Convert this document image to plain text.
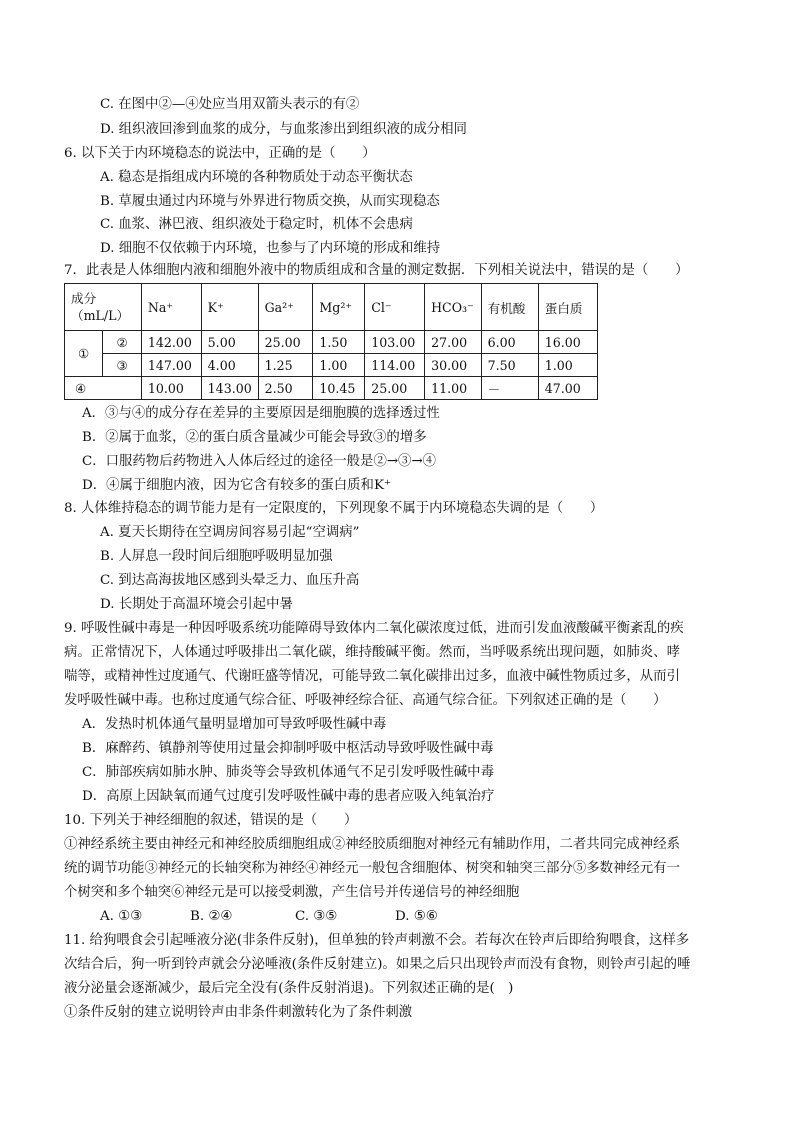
C. 在图中②—④处应当用双箭头表示的有②
D. 组织液回渗到血浆的成分，与血浆渗出到组织液的成分相同
6. 以下关于内环境稳态的说法中，正确的是（　　）
A. 稳态是指组成内环境的各种物质处于动态平衡状态
B. 草履虫通过内环境与外界进行物质交换，从而实现稳态
C. 血浆、淋巴液、组织液处于稳定时，机体不会患病
D. 细胞不仅依赖于内环境，也参与了内环境的形成和维持
7．此表是人体细胞内液和细胞外液中的物质组成和含量的测定数据．下列相关说法中，错误的是（　　）
成分
（mL/L）		Na⁺	K⁺	Ga²⁺	Mg²⁺	Cl⁻	HCO₃⁻	有机酸	蛋白质
①	②	142.00	5.00	25.00	1.50	103.00	27.00	6.00	16.00
	③	147.00	4.00	1.25	1.00	114.00	30.00	7.50	1.00
④		10.00	143.00	2.50	10.45	25.00	11.00	－	47.00
A．③与④的成分存在差异的主要原因是细胞膜的选择透过性
B．②属于血浆，②的蛋白质含量减少可能会导致③的增多
C．口服药物后药物进入人体后经过的途径一般是②→③→④
D．④属于细胞内液，因为它含有较多的蛋白质和K⁺
8. 人体维持稳态的调节能力是有一定限度的，下列现象不属于内环境稳态失调的是（　　）
A. 夏天长期待在空调房间容易引起“空调病”
B. 人屏息一段时间后细胞呼吸明显加强
C. 到达高海拔地区感到头晕乏力、血压升高
D. 长期处于高温环境会引起中暑
9. 呼吸性碱中毒是一种因呼吸系统功能障碍导致体内二氧化碳浓度过低，进而引发血液酸碱平衡紊乱的疾
病。正常情况下，人体通过呼吸排出二氧化碳，维持酸碱平衡。然而，当呼吸系统出现问题，如肺炎、哮
喘等，或精神性过度通气、代谢旺盛等情况，可能导致二氧化碳排出过多，血液中碱性物质过多，从而引
发呼吸性碱中毒。也称过度通气综合征、呼吸神经综合征、高通气综合征。下列叙述正确的是（　　）
A．发热时机体通气量明显增加可导致呼吸性碱中毒
B．麻醉药、镇静剂等使用过量会抑制呼吸中枢活动导致呼吸性碱中毒
C．肺部疾病如肺水肿、肺炎等会导致机体通气不足引发呼吸性碱中毒
D．高原上因缺氧而通气过度引发呼吸性碱中毒的患者应吸入纯氧治疗
10. 下列关于神经细胞的叙述，错误的是（　　）
①神经系统主要由神经元和神经胶质细胞组成②神经胶质细胞对神经元有辅助作用，二者共同完成神经系
统的调节功能③神经元的长轴突称为神经④神经元一般包含细胞体、树突和轴突三部分⑤多数神经元有一
个树突和多个轴突⑥神经元是可以接受刺激，产生信号并传递信号的神经细胞
A. ①③	B. ②④	C. ③⑤	D. ⑤⑥
11. 给狗喂食会引起唾液分泌(非条件反射)，但单独的铃声刺激不会。若每次在铃声后即给狗喂食，这样多
次结合后，狗一听到铃声就会分泌唾液(条件反射建立)。如果之后只出现铃声而没有食物，则铃声引起的唾
液分泌量会逐渐减少，最后完全没有(条件反射消退)。下列叙述正确的是(　)
①条件反射的建立说明铃声由非条件刺激转化为了条件刺激
